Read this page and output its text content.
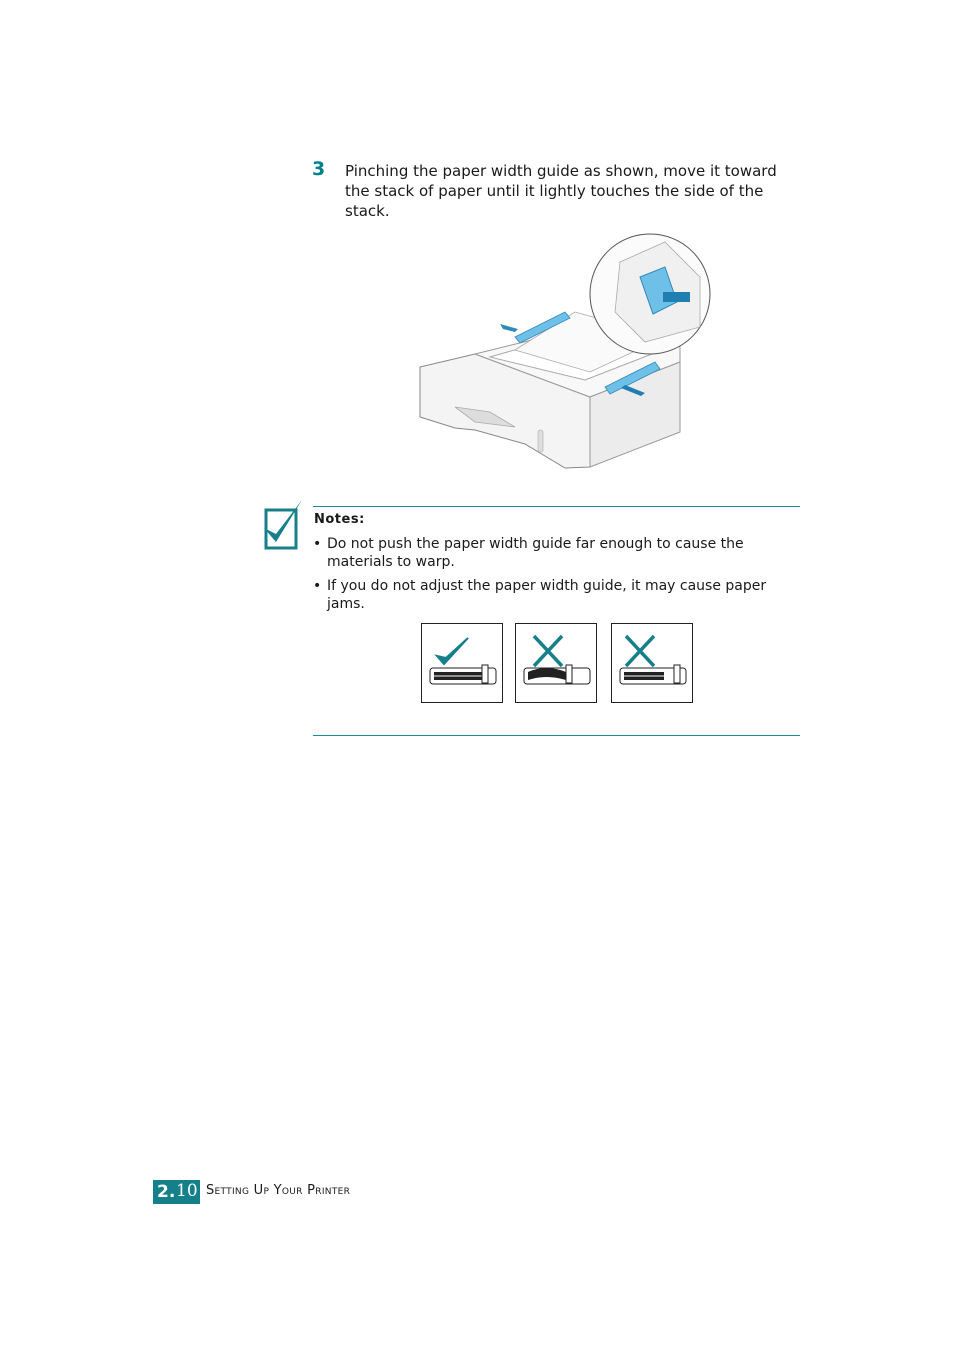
3 Pinching the paper width guide as shown, move it toward the stack of paper until it lightly touches the side of the stack.
Notes:
• Do not push the paper width guide far enough to cause the materials to warp.
• If you do not adjust the paper width guide, it may cause paper jams.
2. 10 Setting Up Your Printer
